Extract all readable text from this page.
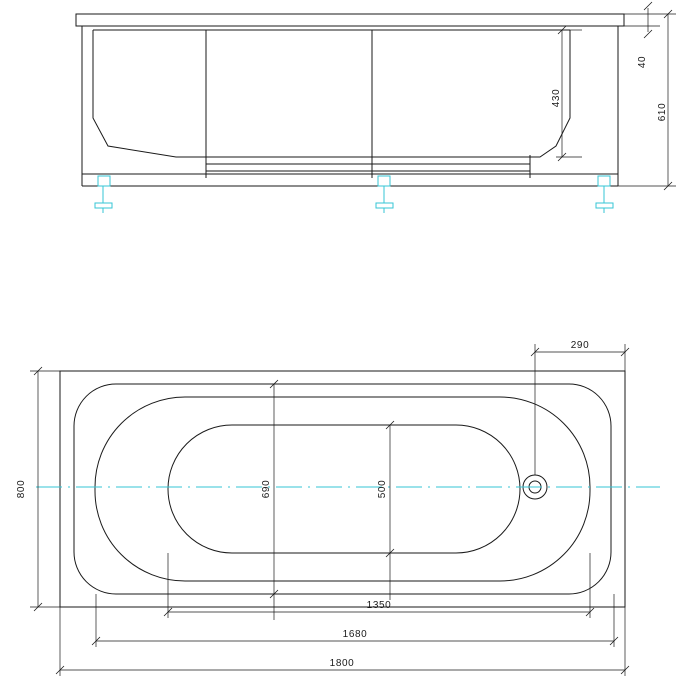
430
40
610
290
800	690	500
1350
1680
1800
